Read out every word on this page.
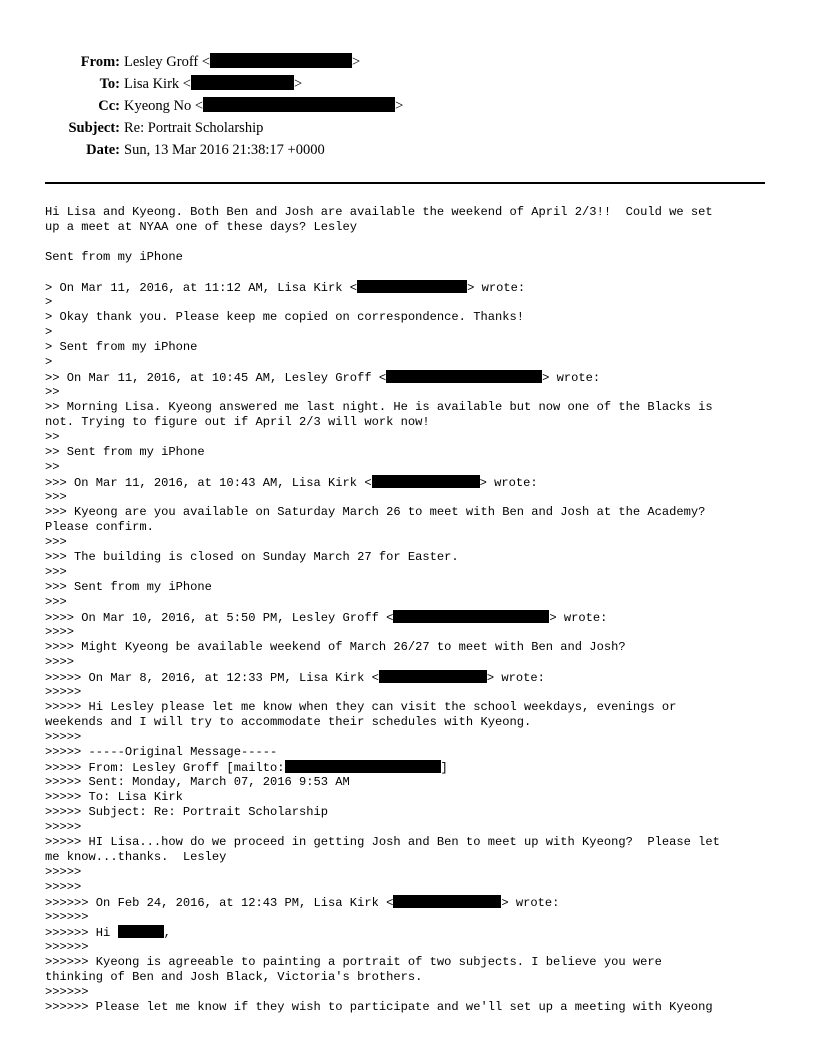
From: Lesley Groff <	>
To: Lisa Kirk <	>
Cc: Kyeong No <	>
Subject: Re: Portrait Scholarship
Date: Sun, 13 Mar 2016 21:38:17 +0000
Hi Lisa and Kyeong. Both Ben and Josh are available the weekend of April 2/3!!  Could we set
up a meet at NYAA one of these days? Lesley
Sent from my iPhone
> On Mar 11, 2016, at 11:12 AM, Lisa Kirk <	> wrote:
>
> Okay thank you. Please keep me copied on correspondence. Thanks!
>
> Sent from my iPhone
>
>> On Mar 11, 2016, at 10:45 AM, Lesley Groff <	> wrote:
>>
>> Morning Lisa. Kyeong answered me last night. He is available but now one of the Blacks is
not. Trying to figure out if April 2/3 will work now!
>>
>> Sent from my iPhone
>>
>>> On Mar 11, 2016, at 10:43 AM, Lisa Kirk <	> wrote:
>>>
>>> Kyeong are you available on Saturday March 26 to meet with Ben and Josh at the Academy?
Please confirm.
>>>
>>> The building is closed on Sunday March 27 for Easter.
>>>
>>> Sent from my iPhone
>>>
>>>> On Mar 10, 2016, at 5:50 PM, Lesley Groff <	> wrote:
>>>>
>>>> Might Kyeong be available weekend of March 26/27 to meet with Ben and Josh?
>>>>
>>>>> On Mar 8, 2016, at 12:33 PM, Lisa Kirk <	> wrote:
>>>>>
>>>>> Hi Lesley please let me know when they can visit the school weekdays, evenings or
weekends and I will try to accommodate their schedules with Kyeong.
>>>>>
>>>>> -----Original Message-----
>>>>> From: Lesley Groff [mailto:	]
>>>>> Sent: Monday, March 07, 2016 9:53 AM
>>>>> To: Lisa Kirk
>>>>> Subject: Re: Portrait Scholarship
>>>>>
>>>>> HI Lisa...how do we proceed in getting Josh and Ben to meet up with Kyeong?  Please let
me know...thanks.  Lesley
>>>>>
>>>>>
>>>>>> On Feb 24, 2016, at 12:43 PM, Lisa Kirk <	> wrote:
>>>>>>
>>>>>> Hi	,
>>>>>>
>>>>>> Kyeong is agreeable to painting a portrait of two subjects. I believe you were
thinking of Ben and Josh Black, Victoria's brothers.
>>>>>>
>>>>>> Please let me know if they wish to participate and we'll set up a meeting with Kyeong
